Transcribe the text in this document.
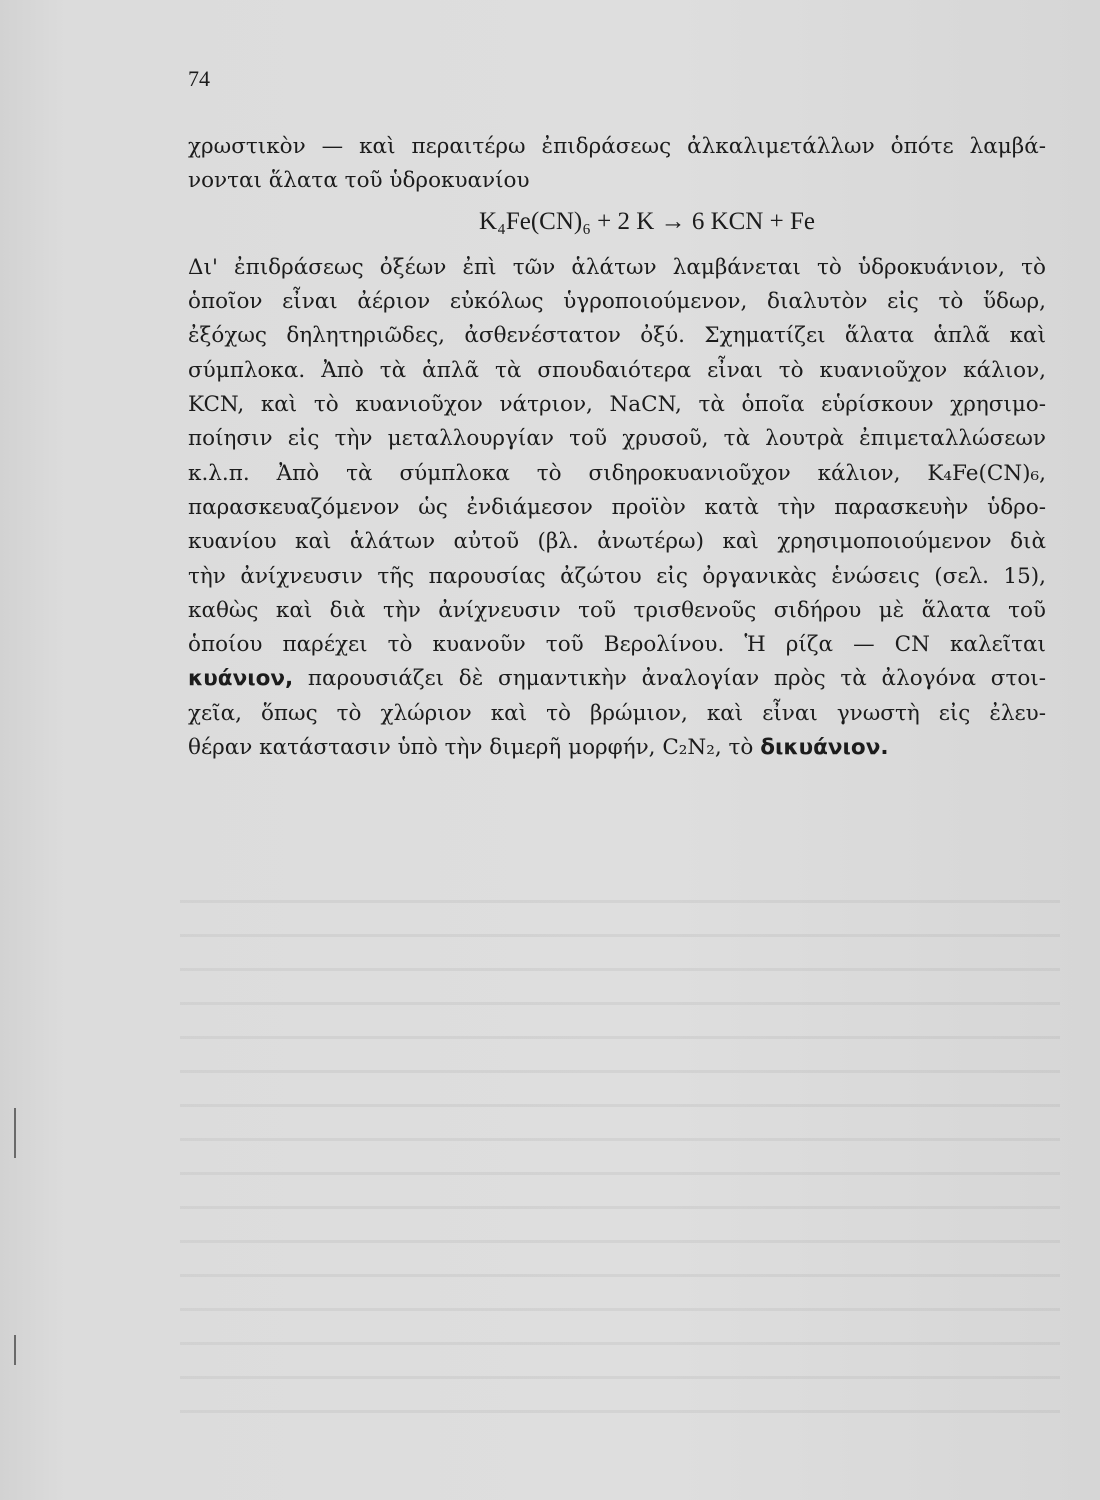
74
χρωστικὸν — καὶ περαιτέρω ἐπιδράσεως ἀλκαλιμετάλλων ὁπότε λαμβά-
νονται ἅλατα τοῦ ὑδροκυανίου
K₄Fe(CN)₆ + 2 K → 6 KCN + Fe
Δι' ἐπιδράσεως ὀξέων ἐπὶ τῶν ἁλάτων λαμβάνεται τὸ ὑδροκυάνιον, τὸ
ὁποῖον εἶναι ἀέριον εὐκόλως ὑγροποιούμενον, διαλυτὸν εἰς τὸ ὕδωρ,
ἐξόχως δηλητηριῶδες, ἀσθενέστατον ὀξύ. Σχηματίζει ἅλατα ἁπλᾶ καὶ
σύμπλοκα. Ἀπὸ τὰ ἁπλᾶ τὰ σπουδαιότερα εἶναι τὸ κυανιοῦχον κάλιον,
KCN, καὶ τὸ κυανιοῦχον νάτριον, NaCN, τὰ ὁποῖα εὑρίσκουν χρησιμο-
ποίησιν εἰς τὴν μεταλλουργίαν τοῦ χρυσοῦ, τὰ λουτρὰ ἐπιμεταλλώσεων
κ.λ.π. Ἀπὸ τὰ σύμπλοκα τὸ σιδηροκυανιοῦχον κάλιον, K₄Fe(CN)₆,
παρασκευαζόμενον ὡς ἐνδιάμεσον προϊὸν κατὰ τὴν παρασκευὴν ὑδρο-
κυανίου καὶ ἁλάτων αὐτοῦ (βλ. ἀνωτέρω) καὶ χρησιμοποιούμενον διὰ
τὴν ἀνίχνευσιν τῆς παρουσίας ἀζώτου εἰς ὀργανικὰς ἑνώσεις (σελ. 15),
καθὼς καὶ διὰ τὴν ἀνίχνευσιν τοῦ τρισθενοῦς σιδήρου μὲ ἅλατα τοῦ
ὁποίου παρέχει τὸ κυανοῦν τοῦ Βερολίνου. Ἡ ρίζα — CN καλεῖται
κυάνιον, παρουσιάζει δὲ σημαντικὴν ἀναλογίαν πρὸς τὰ ἀλογόνα στοι-
χεῖα, ὅπως τὸ χλώριον καὶ τὸ βρώμιον, καὶ εἶναι γνωστὴ εἰς ἐλευ-
θέραν κατάστασιν ὑπὸ τὴν διμερῆ μορφήν, C₂N₂, τὸ δικυάνιον.
